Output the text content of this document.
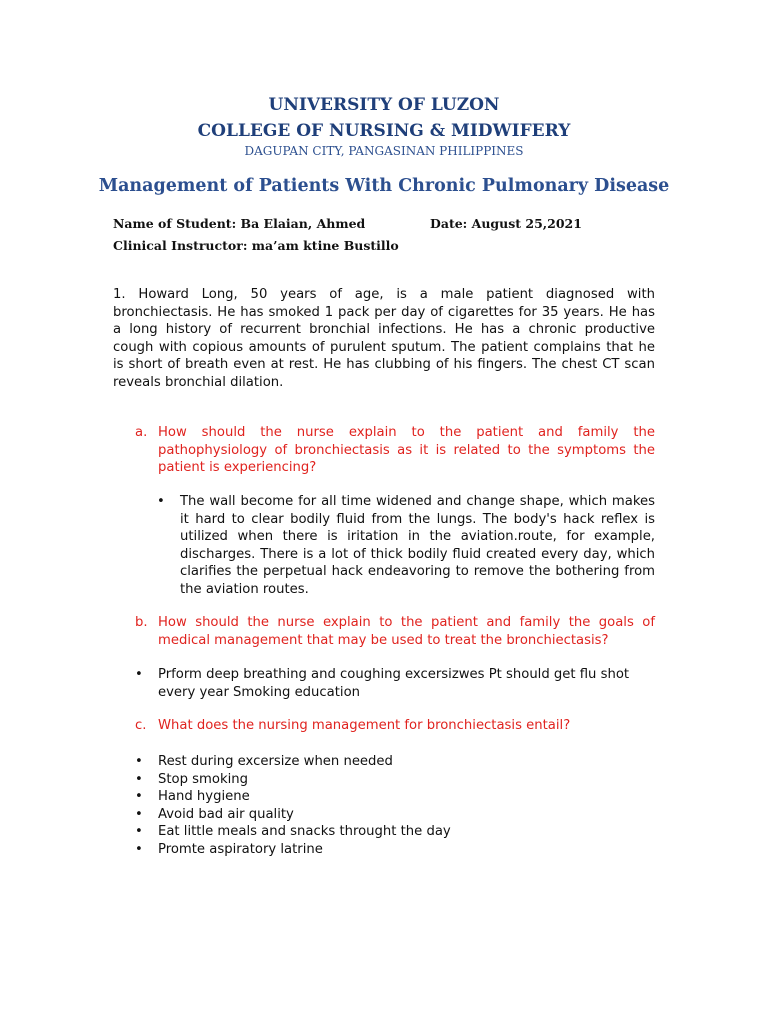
UNIVERSITY OF LUZON
COLLEGE OF NURSING & MIDWIFERY
DAGUPAN CITY, PANGASINAN PHILIPPINES
Management of Patients With Chronic Pulmonary Disease
Name of Student: Ba Elaian, Ahmed	Date: August 25,2021
Clinical Instructor: ma’am ktine Bustillo
1. Howard Long, 50 years of age, is a male patient diagnosed with bronchiectasis. He has smoked 1 pack per day of cigarettes for 35 years. He has a long history of recurrent bronchial infections. He has a chronic productive cough with copious amounts of purulent sputum. The patient complains that he is short of breath even at rest. He has clubbing of his fingers. The chest CT scan reveals bronchial dilation.
a. How should the nurse explain to the patient and family the pathophysiology of bronchiectasis as it is related to the symptoms the patient is experiencing?
• The wall become for all time widened and change shape, which makes it hard to clear bodily fluid from the lungs. The body's hack reflex is utilized when there is iritation in the aviation.route, for example, discharges. There is a lot of thick bodily fluid created every day, which clarifies the perpetual hack endeavoring to remove the bothering from the aviation routes.
b. How should the nurse explain to the patient and family the goals of medical management that may be used to treat the bronchiectasis?
• Prform deep breathing and coughing excersizwes Pt should get flu shot every year Smoking education
c. What does the nursing management for bronchiectasis entail?
• Rest during excersize when needed
• Stop smoking
• Hand hygiene
• Avoid bad air quality
• Eat little meals and snacks throught the day
• Promte aspiratory latrine
